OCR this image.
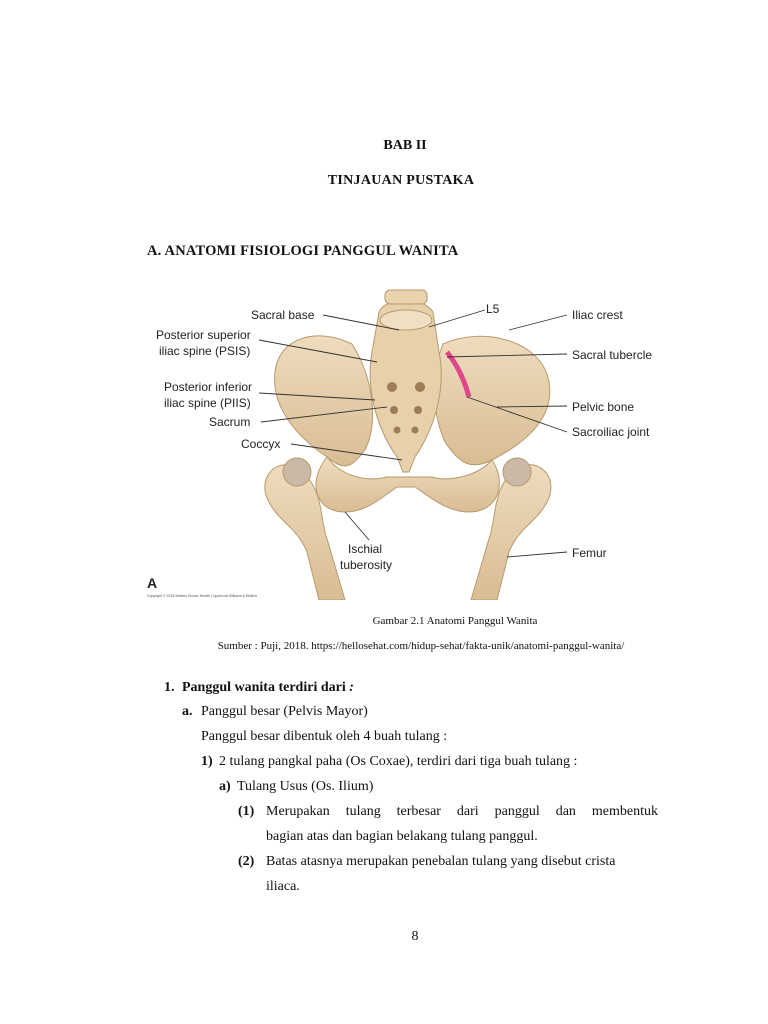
BAB II
TINJAUAN PUSTAKA
A. ANATOMI FISIOLOGI PANGGUL WANITA
Sacral base
Posterior superior
iliac spine (PSIS)
Posterior inferior
iliac spine (PIIS)
Sacrum
Coccyx
Ischial
tuberosity
L5	Iliac crest
Sacral tubercle
Pelvic bone
Sacroiliac joint
Femur
A
Copyright © 2018 Wolters Kluwer Health | Lippincott Williams & Wilkins
Gambar 2.1 Anatomi Panggul Wanita
Sumber : Puji, 2018. https://hellosehat.com/hidup-sehat/fakta-unik/anatomi-panggul-wanita/
1. Panggul wanita terdiri dari :
a. Panggul besar (Pelvis Mayor)
Panggul besar dibentuk oleh 4 buah tulang :
1) 2 tulang pangkal paha (Os Coxae), terdiri dari tiga buah tulang :
a) Tulang Usus (Os. Ilium)
(1) Merupakan tulang terbesar dari panggul dan membentuk
bagian atas dan bagian belakang tulang panggul.
(2) Batas atasnya merupakan penebalan tulang yang disebut crista
iliaca.
8
